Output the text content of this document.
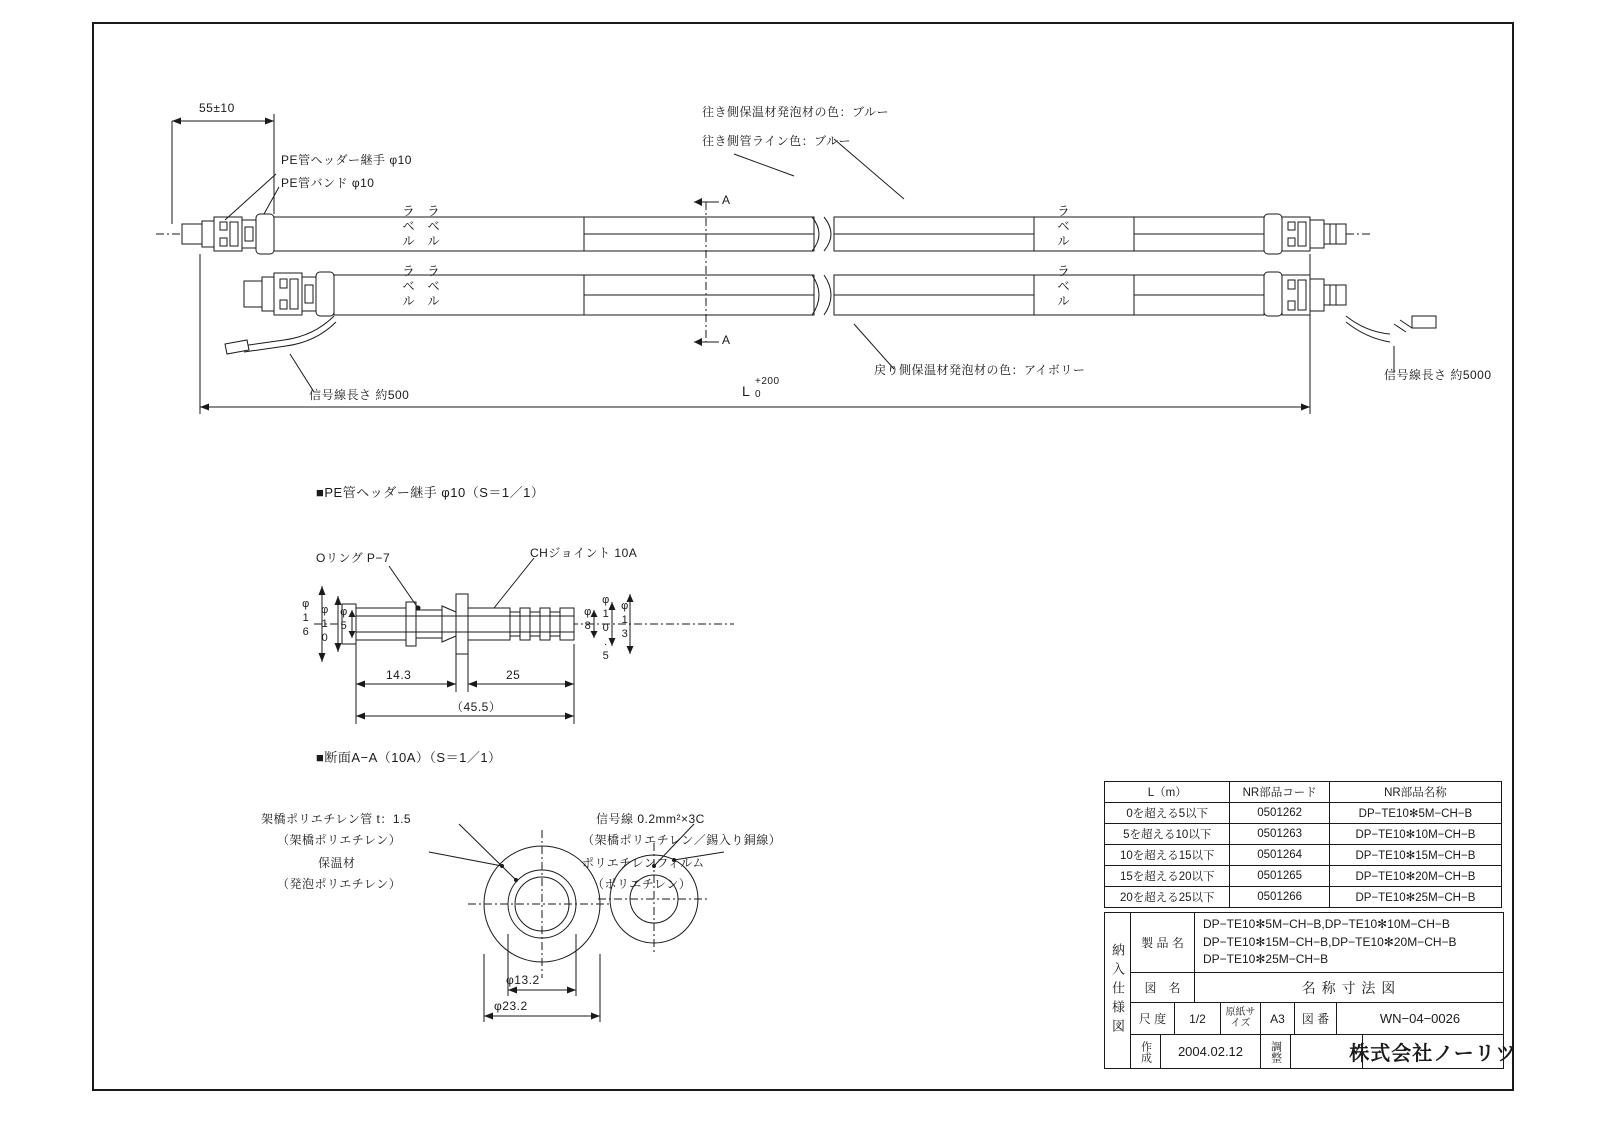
55±10
PE管ヘッダー継手 φ10
PE管バンド φ10
往き側保温材発泡材の色：ブルー
往き側管ライン色：ブルー
戻り側保温材発泡材の色：アイボリー
信号線長さ 約500
信号線長さ 約5000
A
A
L
+200
0
ラベル
ラベル
ラベル
ラベル
ラベル
ラベル
■PE管ヘッダー継手 φ10（S＝1／1）
Oリング P−7	CHジョイント 10A
φ16 φ10 φ5	φ8 φ10.5 φ13
14.3	25
（45.5）
■断面A−A（10A）（S＝1／1）
架橋ポリエチレン管 t：1.5
（架橋ポリエチレン）
保温材
（発泡ポリエチレン）
信号線 0.2mm²×3C
（架橋ポリエチレン／錫入り銅線）
ポリエチレンフィルム
（ポリエチレン）
φ13.2
φ23.2
L（m）	NR部品コード	NR部品名称
0を超える5以下	0501262	DP−TE10✻5M−CH−B
5を超える10以下	0501263	DP−TE10✻10M−CH−B
10を超える15以下	0501264	DP−TE10✻15M−CH−B
15を超える20以下	0501265	DP−TE10✻20M−CH−B
20を超える25以下	0501266	DP−TE10✻25M−CH−B
納入仕様図	製 品 名
DP−TE10✻5M−CH−B,DP−TE10✻10M−CH−B
DP−TE10✻15M−CH−B,DP−TE10✻20M−CH−B
DP−TE10✻25M−CH−B
図　名	名 称 寸 法 図
尺 度	1/2	原紙サイズ	A3	図 番	WN−04−0026
作成	2004.02.12	調整	株式会社ノーリツ
